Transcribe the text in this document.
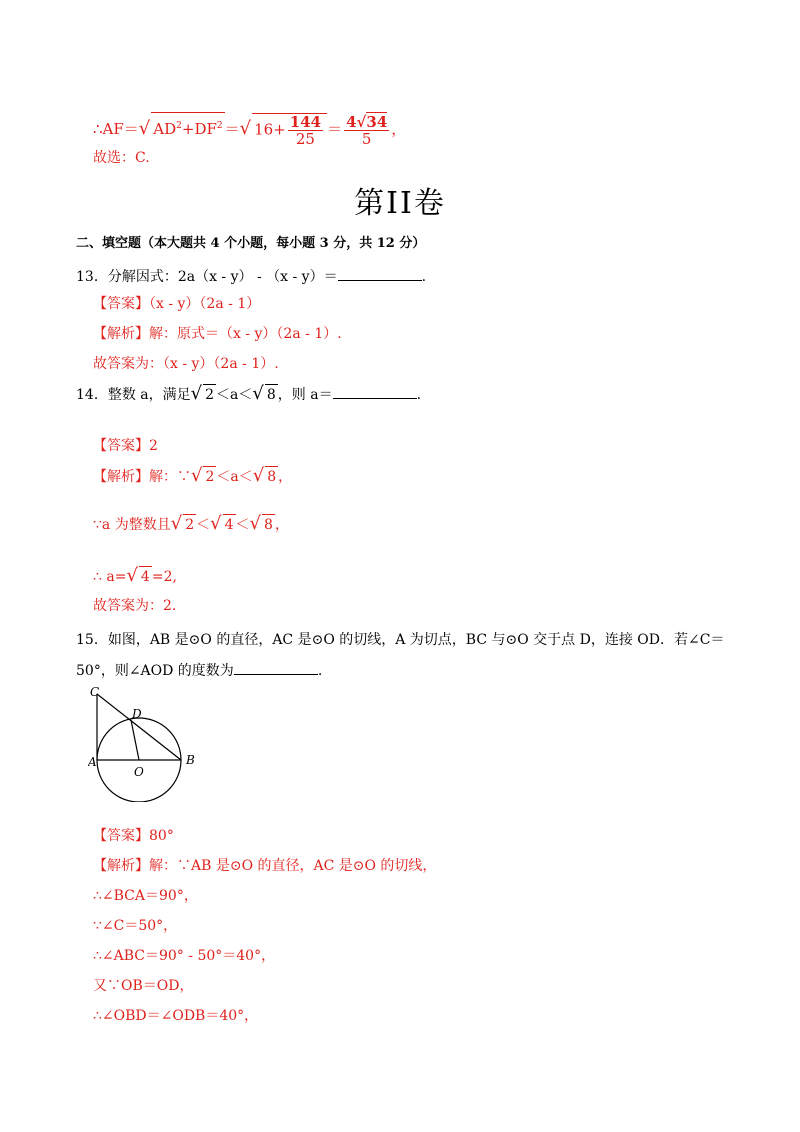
∴AF＝√ $AD^2+DF^2$ ＝√ $16+ \frac{144}{25} = \frac{4√34}{5}$ ，
故选：C.
第II卷
二、填空题（本大题共 4 个小题，每小题 3 分，共 12 分）
13．分解因式：2a（x - y） - （x - y）＝	.
【答案】（x - y）（2a - 1）
【解析】解：原式＝（x - y）（2a - 1）.
故答案为：（x - y）（2a - 1）.
14．整数 a，满足√ 2 ＜a＜√ 8 ，则 a＝	.
【答案】2
【解析】解：∵√ 2 ＜a＜√ 8 ，
∵a 为整数且√ 2 ＜√ 4 ＜√ 8 ，
∴ a=√ 4 =2,
故答案为：2.
15．如图，AB 是⊙O 的直径，AC 是⊙O 的切线，A 为切点，BC 与⊙O 交于点 D，连接 OD．若∠C＝
50°，则∠AOD 的度数为	.
C
D
A
O
B
【答案】80°
【解析】解：∵AB 是⊙O 的直径，AC 是⊙O 的切线，
∴∠BCA＝90°，
∵∠C＝50°，
∴∠ABC＝90° - 50°＝40°，
又∵OB＝OD，
∴∠OBD＝∠ODB＝40°，
